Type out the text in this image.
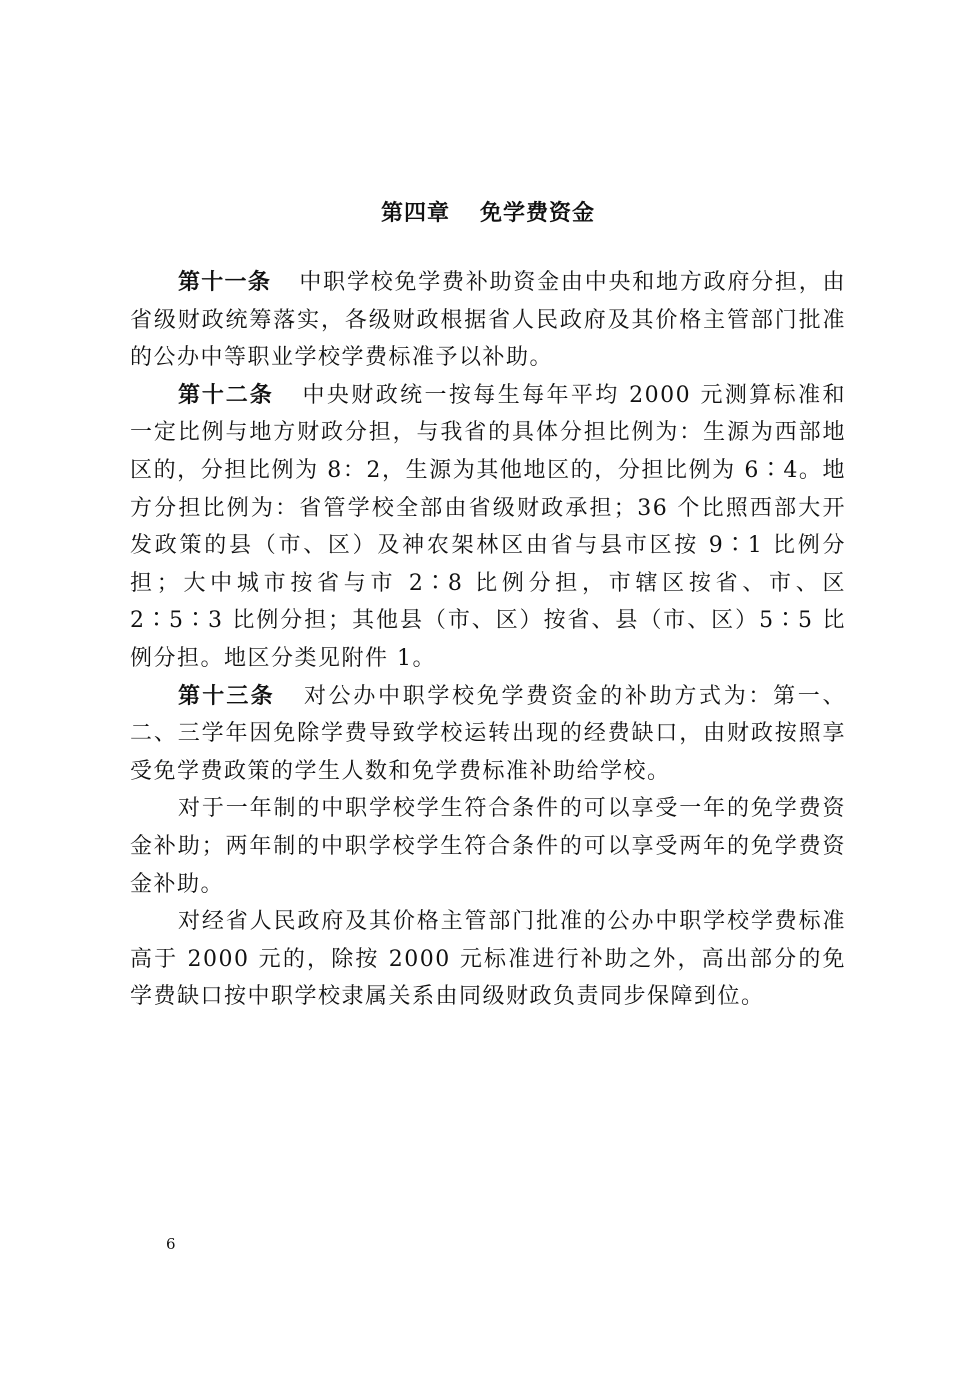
第四章 免学费资金

第十一条 中职学校免学费补助资金由中央和地方政府分担，由省级财政统筹落实，各级财政根据省人民政府及其价格主管部门批准的公办中等职业学校学费标准予以补助。

第十二条 中央财政统一按每生每年平均 2000 元测算标准和一定比例与地方财政分担，与我省的具体分担比例为：生源为西部地区的，分担比例为 8：2，生源为其他地区的，分担比例为 6∶4。地方分担比例为：省管学校全部由省级财政承担；36 个比照西部大开发政策的县（市、区）及神农架林区由省与县市区按 9∶1 比例分担；大中城市按省与市 2∶8 比例分担，市辖区按省、市、区 2∶5∶3 比例分担；其他县（市、区）按省、县（市、区）5∶5 比例分担。地区分类见附件 1。

第十三条 对公办中职学校免学费资金的补助方式为：第一、二、三学年因免除学费导致学校运转出现的经费缺口，由财政按照享受免学费政策的学生人数和免学费标准补助给学校。

对于一年制的中职学校学生符合条件的可以享受一年的免学费资金补助；两年制的中职学校学生符合条件的可以享受两年的免学费资金补助。

对经省人民政府及其价格主管部门批准的公办中职学校学费标准高于 2000 元的，除按 2000 元标准进行补助之外，高出部分的免学费缺口按中职学校隶属关系由同级财政负责同步保障到位。

6
